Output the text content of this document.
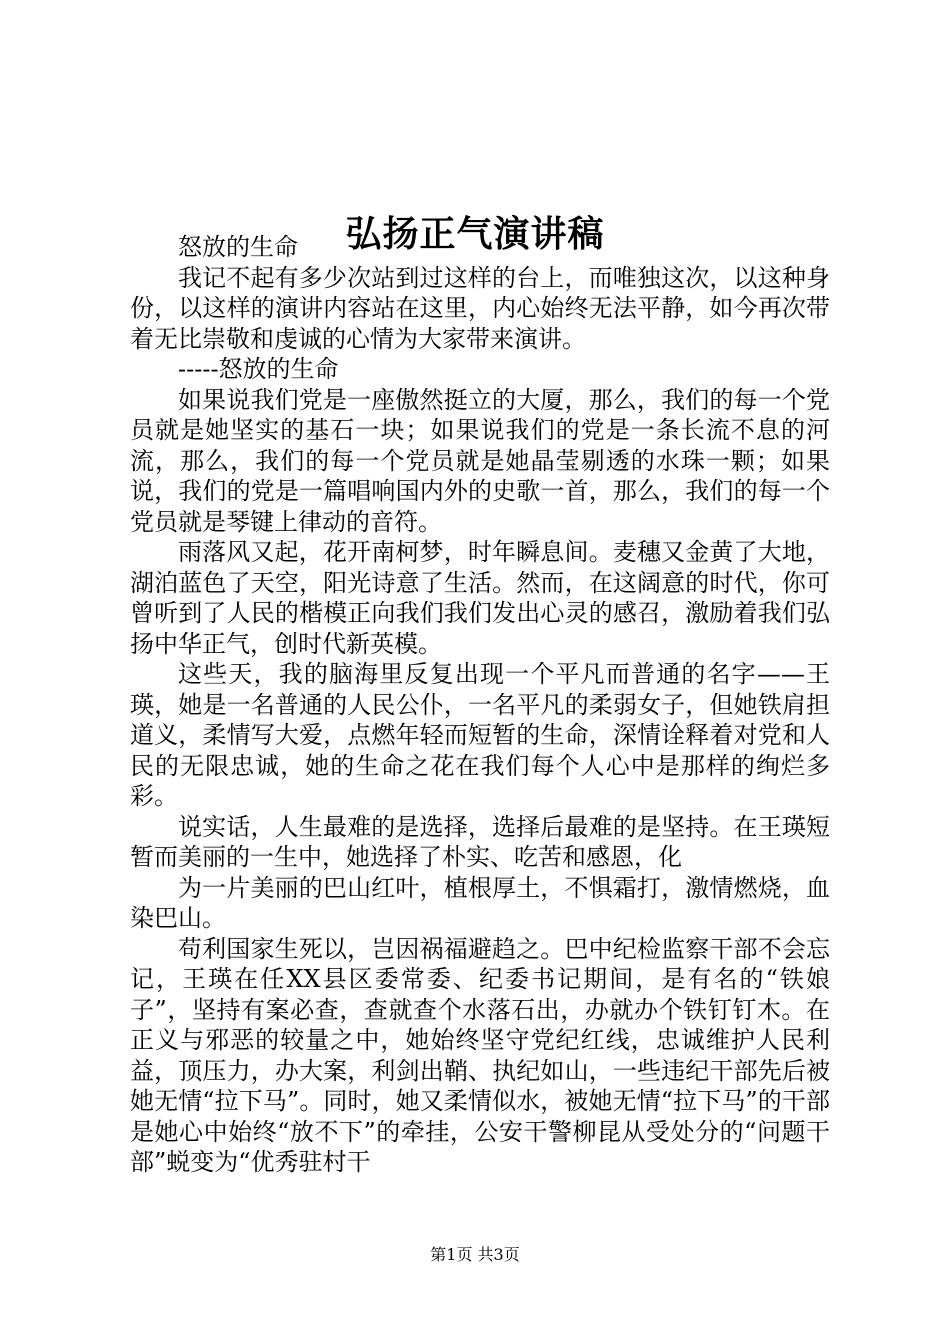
弘扬正气演讲稿

怒放的生命

我记不起有多少次站到过这样的台上，而唯独这次，以这种身份，以这样的演讲内容站在这里，内心始终无法平静，如今再次带着无比崇敬和虔诚的心情为大家带来演讲。

-----怒放的生命

如果说我们党是一座傲然挺立的大厦，那么，我们的每一个党员就是她坚实的基石一块；如果说我们的党是一条长流不息的河流，那么，我们的每一个党员就是她晶莹剔透的水珠一颗；如果说，我们的党是一篇唱响国内外的史歌一首，那么，我们的每一个党员就是琴键上律动的音符。

雨落风又起，花开南柯梦，时年瞬息间。麦穗又金黄了大地，湖泊蓝色了天空，阳光诗意了生活。然而，在这阔意的时代，你可曾听到了人民的楷模正向我们我们发出心灵的感召，激励着我们弘扬中华正气，创时代新英模。

这些天，我的脑海里反复出现一个平凡而普通的名字——王瑛，她是一名普通的人民公仆，一名平凡的柔弱女子，但她铁肩担道义，柔情写大爱，点燃年轻而短暂的生命，深情诠释着对党和人民的无限忠诚，她的生命之花在我们每个人心中是那样的绚烂多彩。

说实话，人生最难的是选择，选择后最难的是坚持。在王瑛短暂而美丽的一生中，她选择了朴实、吃苦和感恩，化

为一片美丽的巴山红叶，植根厚土，不惧霜打，激情燃烧，血染巴山。

苟利国家生死以，岂因祸福避趋之。巴中纪检监察干部不会忘记，王瑛在任XX县区委常委、纪委书记期间，是有名的“铁娘子”，坚持有案必查，查就查个水落石出，办就办个铁钉钉木。在正义与邪恶的较量之中，她始终坚守党纪红线，忠诚维护人民利益，顶压力，办大案，利剑出鞘、执纪如山，一些违纪干部先后被她无情“拉下马”。同时，她又柔情似水，被她无情“拉下马”的干部是她心中始终“放不下”的牵挂，公安干警柳昆从受处分的“问题干部”蜕变为“优秀驻村干

第1页 共3页
